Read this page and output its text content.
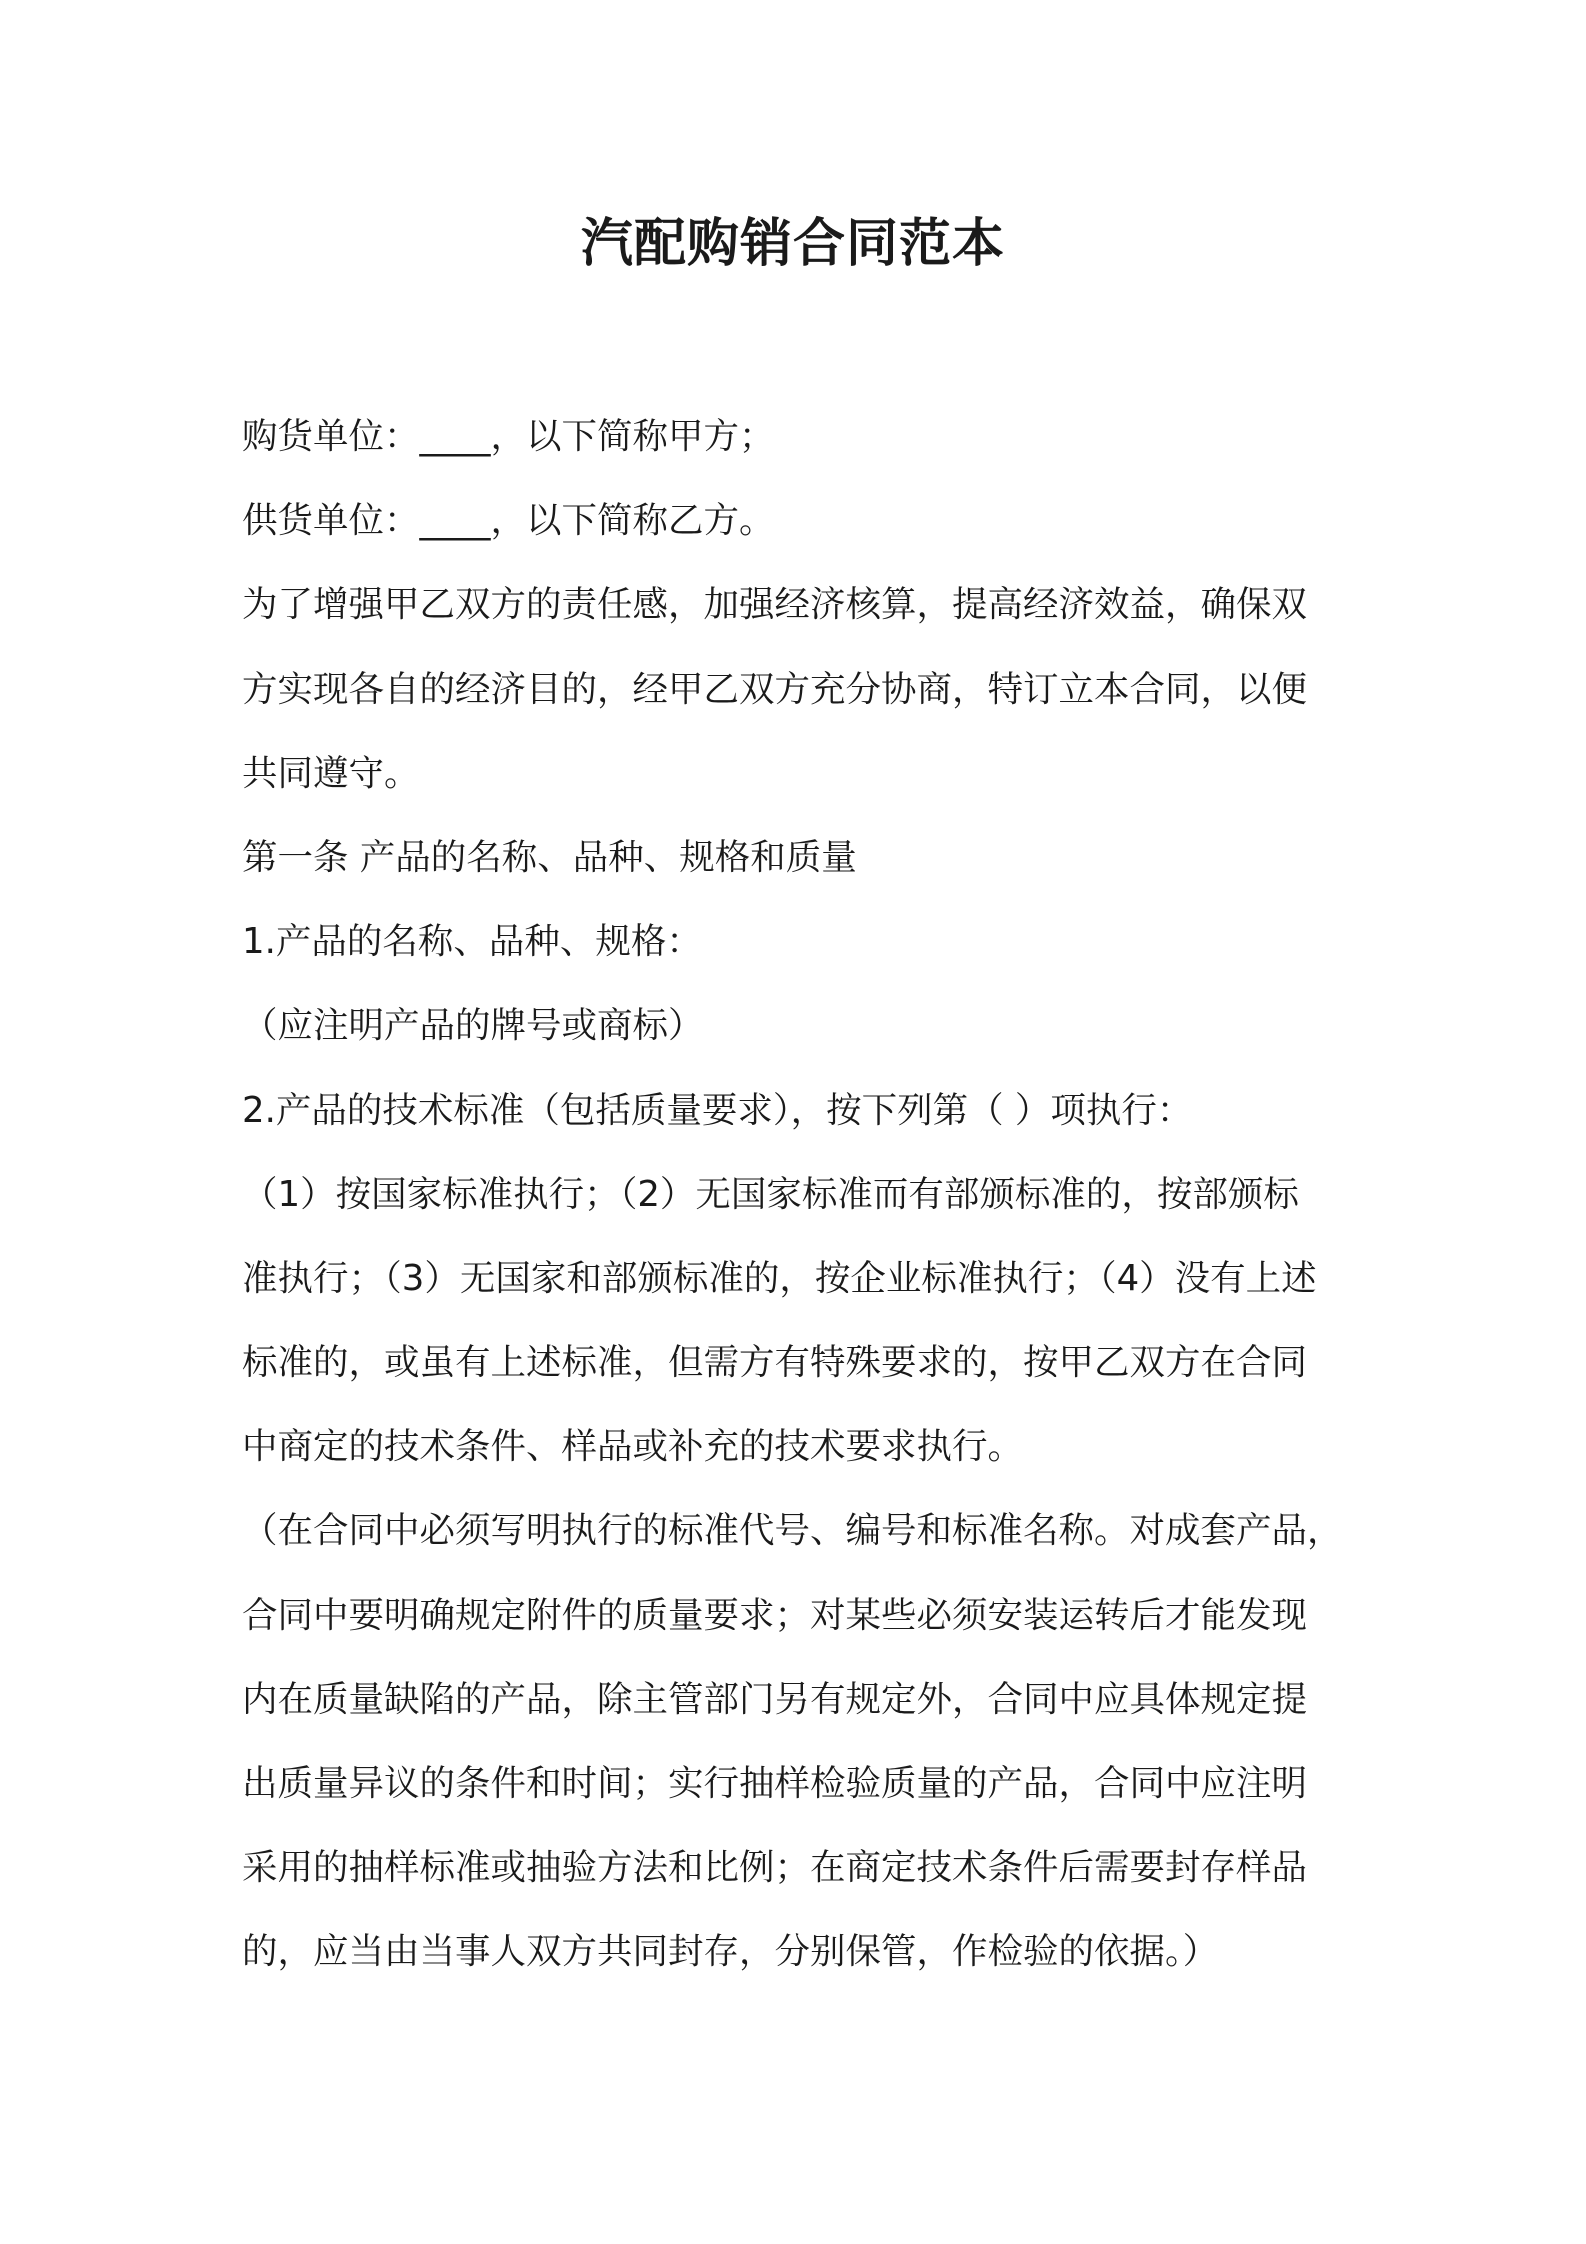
汽配购销合同范本

购货单位：____，以下简称甲方；

供货单位：____，以下简称乙方。

为了增强甲乙双方的责任感，加强经济核算，提高经济效益，确保双

方实现各自的经济目的，经甲乙双方充分协商，特订立本合同，以便

共同遵守。

第一条 产品的名称、品种、规格和质量

1.产品的名称、品种、规格：

（应注明产品的牌号或商标）

2.产品的技术标准（包括质量要求），按下列第（ ）项执行：

（1）按国家标准执行；（2）无国家标准而有部颁标准的，按部颁标

准执行；（3）无国家和部颁标准的，按企业标准执行；（4）没有上述

标准的，或虽有上述标准，但需方有特殊要求的，按甲乙双方在合同

中商定的技术条件、样品或补充的技术要求执行。

（在合同中必须写明执行的标准代号、编号和标准名称。对成套产品，

合同中要明确规定附件的质量要求；对某些必须安装运转后才能发现

内在质量缺陷的产品，除主管部门另有规定外，合同中应具体规定提

出质量异议的条件和时间；实行抽样检验质量的产品，合同中应注明

采用的抽样标准或抽验方法和比例；在商定技术条件后需要封存样品

的，应当由当事人双方共同封存，分别保管，作检验的依据。）
